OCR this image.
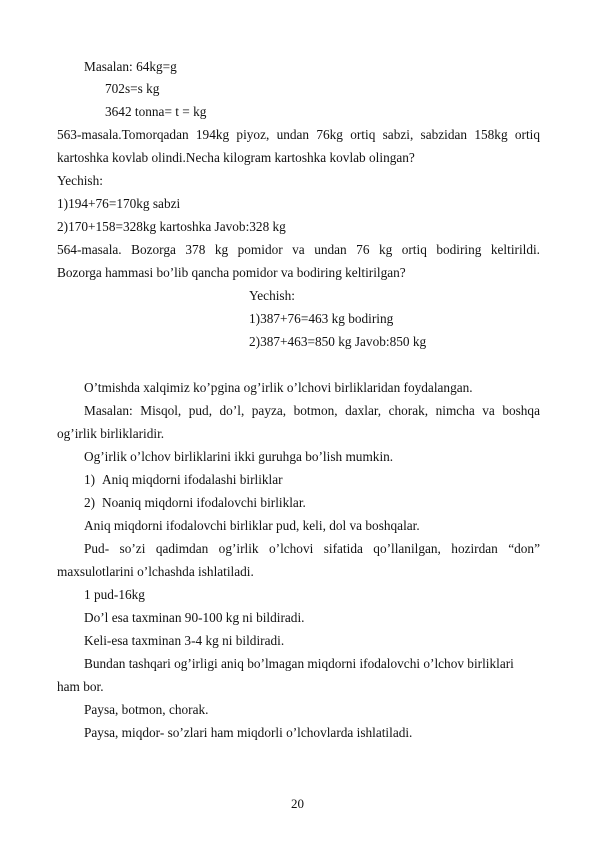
Masalan: 64kg=g
702s=s kg
3642 tonna= t = kg
563-masala.Tomorqadan 194kg piyoz, undan 76kg ortiq sabzi, sabzidan 158kg ortiq
kartoshka kovlab olindi.Necha kilogram kartoshka kovlab olingan?
Yechish:
1)194+76=170kg sabzi
2)170+158=328kg kartoshka Javob:328 kg
564-masala. Bozorga 378 kg pomidor va undan 76 kg ortiq bodiring keltirildi.
Bozorga hammasi bo’lib qancha pomidor va bodiring keltirilgan?
Yechish:
1)387+76=463 kg bodiring
2)387+463=850 kg Javob:850 kg
O’tmishda xalqimiz ko’pgina og’irlik o’lchovi birliklaridan foydalangan.
Masalan: Misqol, pud, do’l, payza, botmon, daxlar, chorak, nimcha va boshqa
og’irlik birliklaridir.
Og’irlik o’lchov birliklarini ikki guruhga bo’lish mumkin.
1) Aniq miqdorni ifodalashi birliklar
2) Noaniq miqdorni ifodalovchi birliklar.
Aniq miqdorni ifodalovchi birliklar pud, keli, dol va boshqalar.
Pud- so’zi qadimdan og’irlik o’lchovi sifatida qo’llanilgan, hozirdan “don”
maxsulotlarini o’lchashda ishlatiladi.
1 pud-16kg
Do’l esa taxminan 90-100 kg ni bildiradi.
Keli-esa taxminan 3-4 kg ni bildiradi.
Bundan tashqari og’irligi aniq bo’lmagan miqdorni ifodalovchi o’lchov birliklari
ham bor.
Paysa, botmon, chorak.
Paysa, miqdor- so’zlari ham miqdorli o’lchovlarda ishlatiladi.
20
